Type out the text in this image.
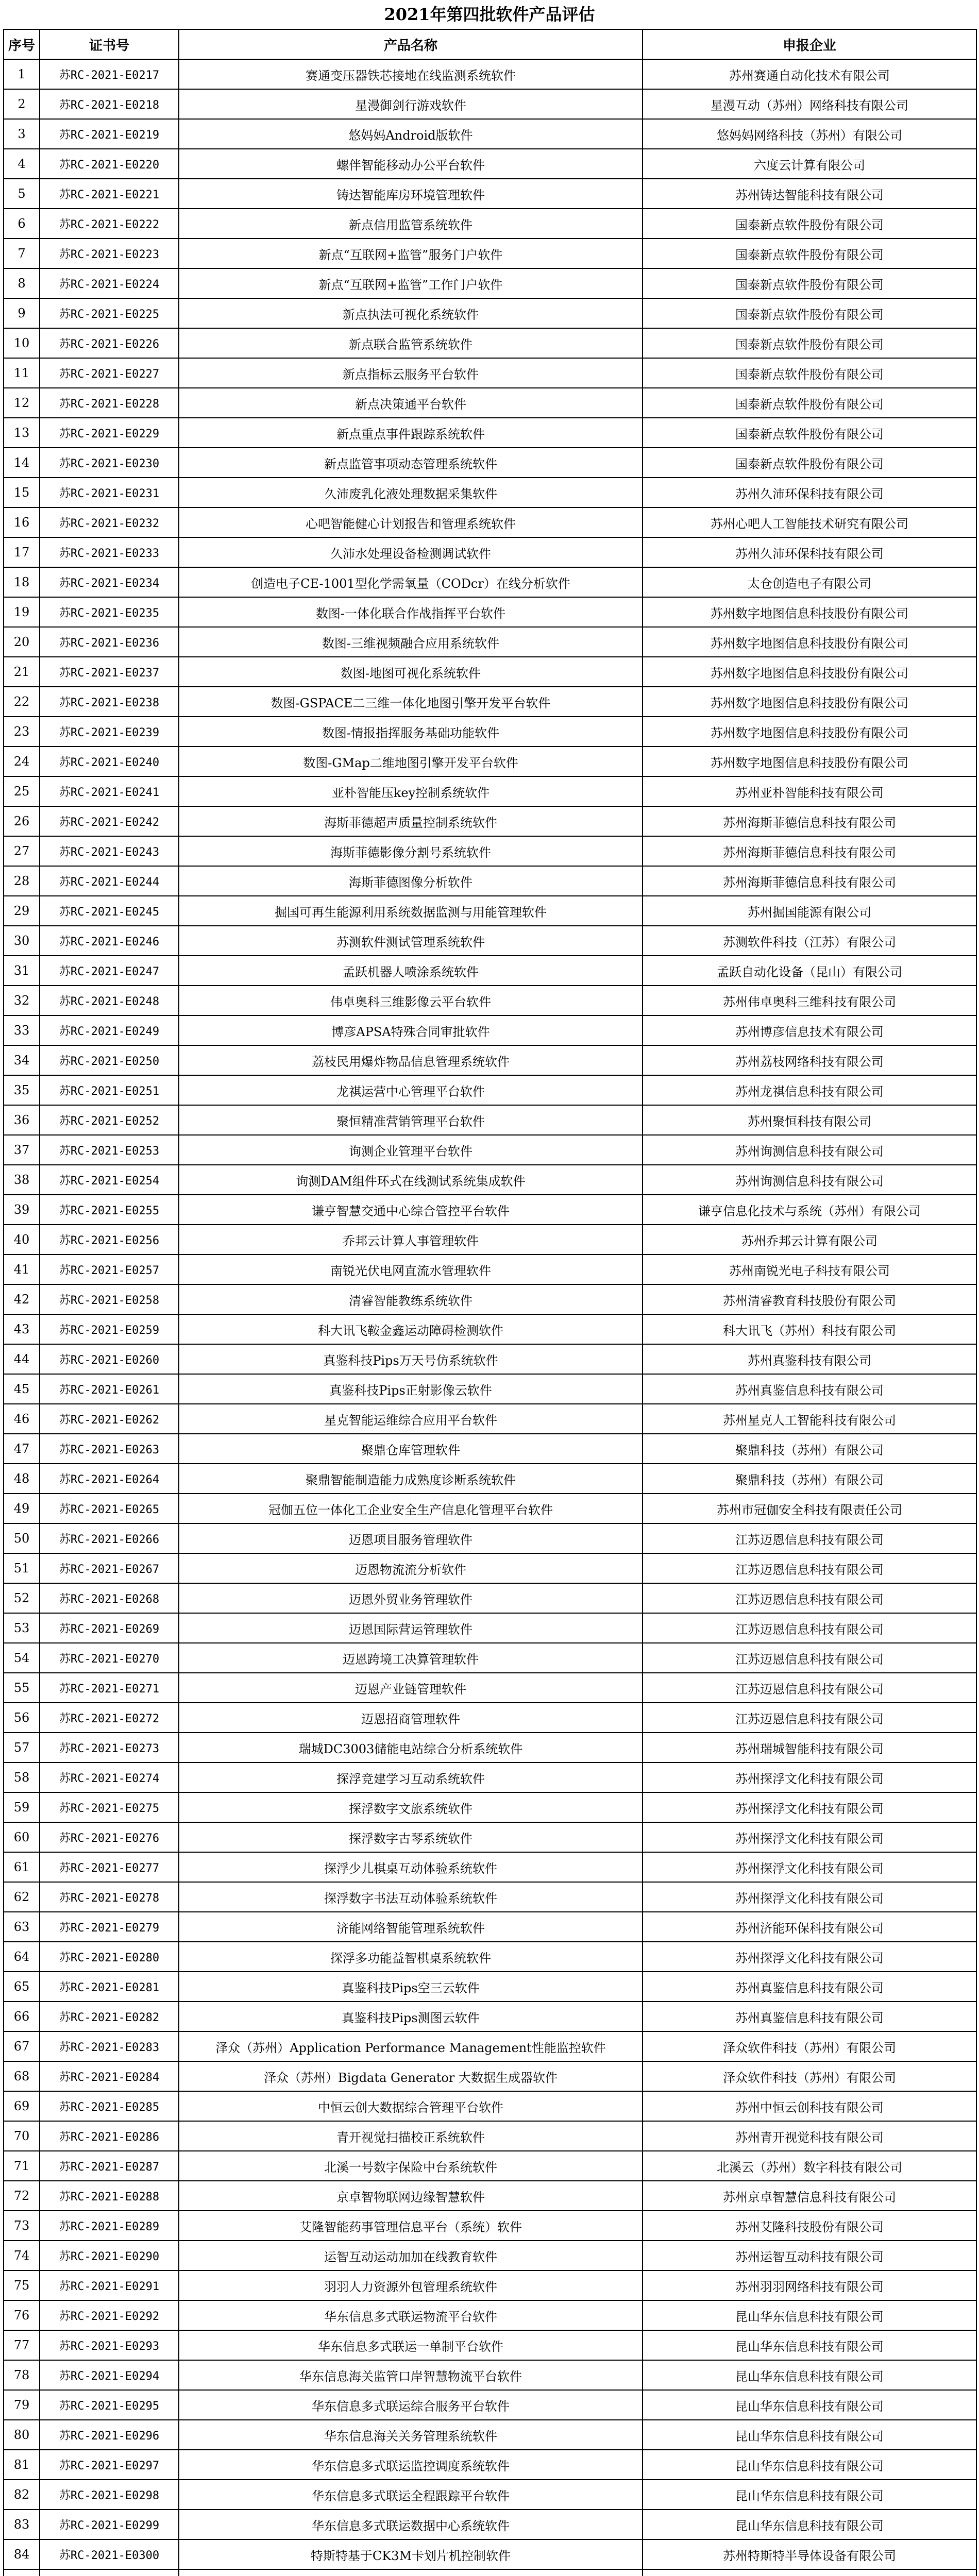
2021年第四批软件产品评估
序号	证书号	产品名称	申报企业
1	苏RC-2021-E0217	赛通变压器铁芯接地在线监测系统软件	苏州赛通自动化技术有限公司
2	苏RC-2021-E0218	星漫御剑行游戏软件	星漫互动（苏州）网络科技有限公司
3	苏RC-2021-E0219	悠妈妈Android版软件	悠妈妈网络科技（苏州）有限公司
4	苏RC-2021-E0220	螺伴智能移动办公平台软件	六度云计算有限公司
5	苏RC-2021-E0221	铸达智能库房环境管理软件	苏州铸达智能科技有限公司
6	苏RC-2021-E0222	新点信用监管系统软件	国泰新点软件股份有限公司
7	苏RC-2021-E0223	新点“互联网+监管”服务门户软件	国泰新点软件股份有限公司
8	苏RC-2021-E0224	新点“互联网+监管”工作门户软件	国泰新点软件股份有限公司
9	苏RC-2021-E0225	新点执法可视化系统软件	国泰新点软件股份有限公司
10	苏RC-2021-E0226	新点联合监管系统软件	国泰新点软件股份有限公司
11	苏RC-2021-E0227	新点指标云服务平台软件	国泰新点软件股份有限公司
12	苏RC-2021-E0228	新点决策通平台软件	国泰新点软件股份有限公司
13	苏RC-2021-E0229	新点重点事件跟踪系统软件	国泰新点软件股份有限公司
14	苏RC-2021-E0230	新点监管事项动态管理系统软件	国泰新点软件股份有限公司
15	苏RC-2021-E0231	久沛废乳化液处理数据采集软件	苏州久沛环保科技有限公司
16	苏RC-2021-E0232	心吧智能健心计划报告和管理系统软件	苏州心吧人工智能技术研究有限公司
17	苏RC-2021-E0233	久沛水处理设备检测调试软件	苏州久沛环保科技有限公司
18	苏RC-2021-E0234	创造电子CE-1001型化学需氧量（CODcr）在线分析软件	太仓创造电子有限公司
19	苏RC-2021-E0235	数图-一体化联合作战指挥平台软件	苏州数字地图信息科技股份有限公司
20	苏RC-2021-E0236	数图-三维视频融合应用系统软件	苏州数字地图信息科技股份有限公司
21	苏RC-2021-E0237	数图-地图可视化系统软件	苏州数字地图信息科技股份有限公司
22	苏RC-2021-E0238	数图-GSPACE二三维一体化地图引擎开发平台软件	苏州数字地图信息科技股份有限公司
23	苏RC-2021-E0239	数图-情报指挥服务基础功能软件	苏州数字地图信息科技股份有限公司
24	苏RC-2021-E0240	数图-GMap二维地图引擎开发平台软件	苏州数字地图信息科技股份有限公司
25	苏RC-2021-E0241	亚朴智能压key控制系统软件	苏州亚朴智能科技有限公司
26	苏RC-2021-E0242	海斯菲德超声质量控制系统软件	苏州海斯菲德信息科技有限公司
27	苏RC-2021-E0243	海斯菲德影像分割号系统软件	苏州海斯菲德信息科技有限公司
28	苏RC-2021-E0244	海斯菲德图像分析软件	苏州海斯菲德信息科技有限公司
29	苏RC-2021-E0245	掘国可再生能源利用系统数据监测与用能管理软件	苏州掘国能源有限公司
30	苏RC-2021-E0246	苏测软件测试管理系统软件	苏测软件科技（江苏）有限公司
31	苏RC-2021-E0247	孟跃机器人喷涂系统软件	孟跃自动化设备（昆山）有限公司
32	苏RC-2021-E0248	伟卓奥科三维影像云平台软件	苏州伟卓奥科三维科技有限公司
33	苏RC-2021-E0249	博彦APSA特殊合同审批软件	苏州博彦信息技术有限公司
34	苏RC-2021-E0250	荔枝民用爆炸物品信息管理系统软件	苏州荔枝网络科技有限公司
35	苏RC-2021-E0251	龙祺运营中心管理平台软件	苏州龙祺信息科技有限公司
36	苏RC-2021-E0252	聚恒精准营销管理平台软件	苏州聚恒科技有限公司
37	苏RC-2021-E0253	询测企业管理平台软件	苏州询测信息科技有限公司
38	苏RC-2021-E0254	询测DAM组件环式在线测试系统集成软件	苏州询测信息科技有限公司
39	苏RC-2021-E0255	谦亨智慧交通中心综合管控平台软件	谦亨信息化技术与系统（苏州）有限公司
40	苏RC-2021-E0256	乔邦云计算人事管理软件	苏州乔邦云计算有限公司
41	苏RC-2021-E0257	南锐光伏电网直流水管理软件	苏州南锐光电子科技有限公司
42	苏RC-2021-E0258	清睿智能教练系统软件	苏州清睿教育科技股份有限公司
43	苏RC-2021-E0259	科大讯飞鞍金鑫运动障碍检测软件	科大讯飞（苏州）科技有限公司
44	苏RC-2021-E0260	真鉴科技Pips万天号仿系统软件	苏州真鉴科技有限公司
45	苏RC-2021-E0261	真鉴科技Pips正射影像云软件	苏州真鉴信息科技有限公司
46	苏RC-2021-E0262	星克智能运维综合应用平台软件	苏州星克人工智能科技有限公司
47	苏RC-2021-E0263	聚鼎仓库管理软件	聚鼎科技（苏州）有限公司
48	苏RC-2021-E0264	聚鼎智能制造能力成熟度诊断系统软件	聚鼎科技（苏州）有限公司
49	苏RC-2021-E0265	冠伽五位一体化工企业安全生产信息化管理平台软件	苏州市冠伽安全科技有限责任公司
50	苏RC-2021-E0266	迈恩项目服务管理软件	江苏迈恩信息科技有限公司
51	苏RC-2021-E0267	迈恩物流流分析软件	江苏迈恩信息科技有限公司
52	苏RC-2021-E0268	迈恩外贸业务管理软件	江苏迈恩信息科技有限公司
53	苏RC-2021-E0269	迈恩国际营运管理软件	江苏迈恩信息科技有限公司
54	苏RC-2021-E0270	迈恩跨境工决算管理软件	江苏迈恩信息科技有限公司
55	苏RC-2021-E0271	迈恩产业链管理软件	江苏迈恩信息科技有限公司
56	苏RC-2021-E0272	迈恩招商管理软件	江苏迈恩信息科技有限公司
57	苏RC-2021-E0273	瑞城DC3003储能电站综合分析系统软件	苏州瑞城智能科技有限公司
58	苏RC-2021-E0274	探浮竞建学习互动系统软件	苏州探浮文化科技有限公司
59	苏RC-2021-E0275	探浮数字文旅系统软件	苏州探浮文化科技有限公司
60	苏RC-2021-E0276	探浮数字古琴系统软件	苏州探浮文化科技有限公司
61	苏RC-2021-E0277	探浮少儿棋桌互动体验系统软件	苏州探浮文化科技有限公司
62	苏RC-2021-E0278	探浮数字书法互动体验系统软件	苏州探浮文化科技有限公司
63	苏RC-2021-E0279	济能网络智能管理系统软件	苏州济能环保科技有限公司
64	苏RC-2021-E0280	探浮多功能益智棋桌系统软件	苏州探浮文化科技有限公司
65	苏RC-2021-E0281	真鉴科技Pips空三云软件	苏州真鉴信息科技有限公司
66	苏RC-2021-E0282	真鉴科技Pips测图云软件	苏州真鉴信息科技有限公司
67	苏RC-2021-E0283	泽众（苏州）Application Performance Management性能监控软件	泽众软件科技（苏州）有限公司
68	苏RC-2021-E0284	泽众（苏州）Bigdata Generator 大数据生成器软件	泽众软件科技（苏州）有限公司
69	苏RC-2021-E0285	中恒云创大数据综合管理平台软件	苏州中恒云创科技有限公司
70	苏RC-2021-E0286	青开视觉扫描校正系统软件	苏州青开视觉科技有限公司
71	苏RC-2021-E0287	北溪一号数字保险中台系统软件	北溪云（苏州）数字科技有限公司
72	苏RC-2021-E0288	京卓智物联网边缘智慧软件	苏州京卓智慧信息科技有限公司
73	苏RC-2021-E0289	艾隆智能药事管理信息平台（系统）软件	苏州艾隆科技股份有限公司
74	苏RC-2021-E0290	运智互动运动加加在线教育软件	苏州运智互动科技有限公司
75	苏RC-2021-E0291	羽羽人力资源外包管理系统软件	苏州羽羽网络科技有限公司
76	苏RC-2021-E0292	华东信息多式联运物流平台软件	昆山华东信息科技有限公司
77	苏RC-2021-E0293	华东信息多式联运一单制平台软件	昆山华东信息科技有限公司
78	苏RC-2021-E0294	华东信息海关监管口岸智慧物流平台软件	昆山华东信息科技有限公司
79	苏RC-2021-E0295	华东信息多式联运综合服务平台软件	昆山华东信息科技有限公司
80	苏RC-2021-E0296	华东信息海关关务管理系统软件	昆山华东信息科技有限公司
81	苏RC-2021-E0297	华东信息多式联运监控调度系统软件	昆山华东信息科技有限公司
82	苏RC-2021-E0298	华东信息多式联运全程跟踪平台软件	昆山华东信息科技有限公司
83	苏RC-2021-E0299	华东信息多式联运数据中心系统软件	昆山华东信息科技有限公司
84	苏RC-2021-E0300	特斯特基于CK3M卡划片机控制软件	苏州特斯特半导体设备有限公司
